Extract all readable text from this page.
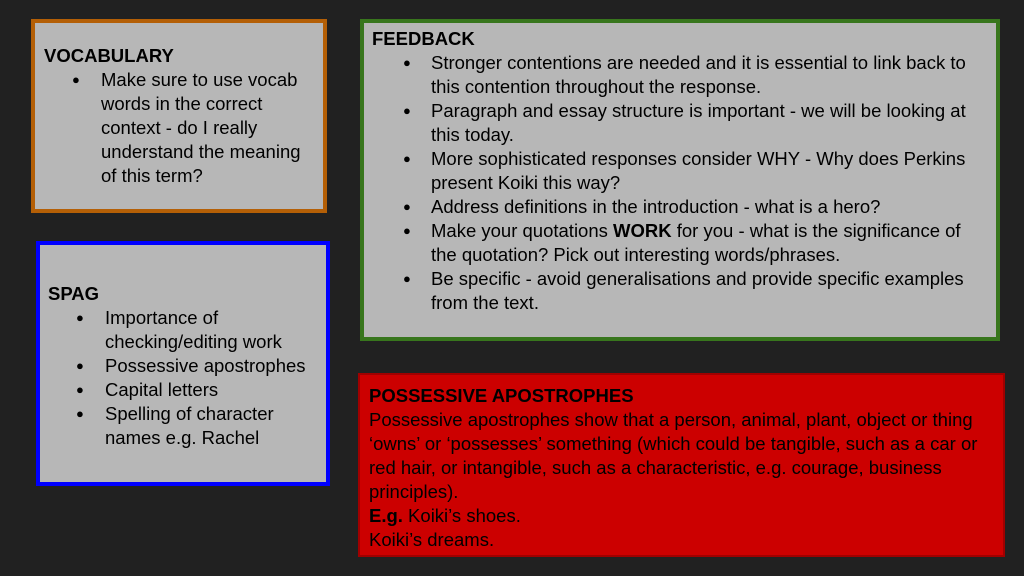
VOCABULARY
● Make sure to use vocab words in the correct context - do I really understand the meaning of this term?
SPAG
● Importance of checking/editing work
● Possessive apostrophes
● Capital letters
● Spelling of character names e.g. Rachel
FEEDBACK
● Stronger contentions are needed and it is essential to link back to this contention throughout the response.
● Paragraph and essay structure is important - we will be looking at this today.
● More sophisticated responses consider WHY - Why does Perkins present Koiki this way?
● Address definitions in the introduction - what is a hero?
● Make your quotations WORK for you - what is the significance of the quotation? Pick out interesting words/phrases.
● Be specific - avoid generalisations and provide specific examples from the text.
POSSESSIVE APOSTROPHES

Possessive apostrophes show that a person, animal, plant, object or thing ‘owns’ or ‘possesses’ something (which could be tangible, such as a car or red hair, or intangible, such as a characteristic, e.g. courage, business principles).

E.g. Koiki’s shoes.

Koiki’s dreams.
